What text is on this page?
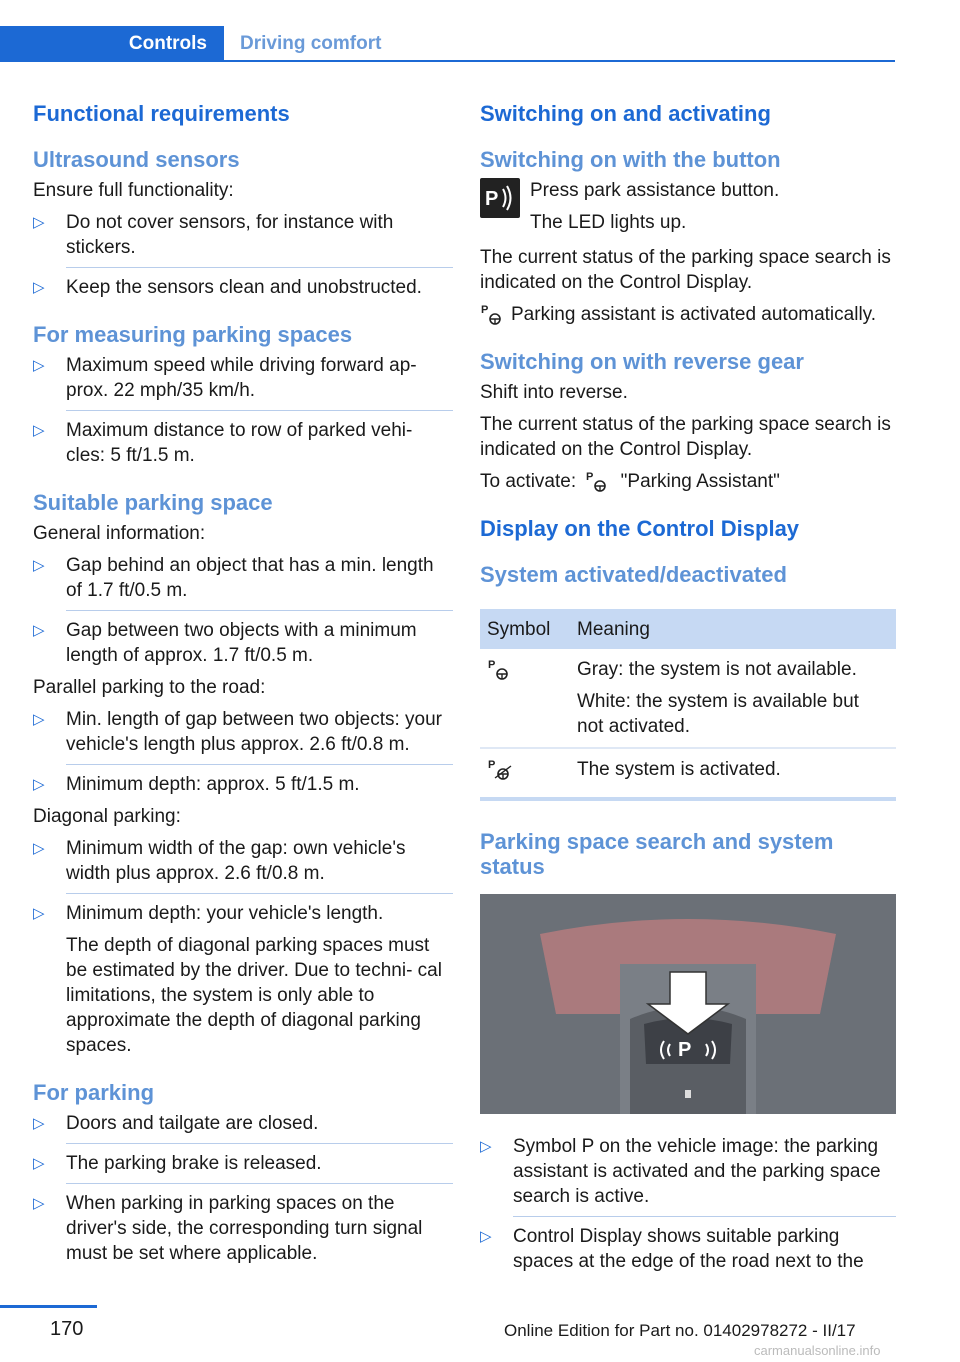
Controls	Driving comfort
Functional requirements
Ultrasound sensors
Ensure full functionality:
▷ Do not cover sensors, for instance with stickers.
▷ Keep the sensors clean and unobstructed.
For measuring parking spaces
▷ Maximum speed while driving forward ap‐ prox. 22 mph/35 km/h.
▷ Maximum distance to row of parked vehi‐ cles: 5 ft/1.5 m.
Suitable parking space
General information:
▷ Gap behind an object that has a min. length of 1.7 ft/0.5 m.
▷ Gap between two objects with a minimum length of approx. 1.7 ft/0.5 m.
Parallel parking to the road:
▷ Min. length of gap between two objects: your vehicle's length plus approx. 2.6 ft/0.8 m.
▷ Minimum depth: approx. 5 ft/1.5 m.
Diagonal parking:
▷ Minimum width of the gap: own vehicle's width plus approx. 2.6 ft/0.8 m.
▷ Minimum depth: your vehicle's length.
The depth of diagonal parking spaces must be estimated by the driver. Due to techni‐ cal limitations, the system is only able to approximate the depth of diagonal parking spaces.
For parking
▷ Doors and tailgate are closed.
▷ The parking brake is released.
▷ When parking in parking spaces on the driver's side, the corresponding turn signal must be set where applicable.
Switching on and activating
Switching on with the button
P Press park assistance button.
The LED lights up.
The current status of the parking space search is indicated on the Control Display.
P Parking assistant is activated automatically.
Switching on with reverse gear
Shift into reverse.
The current status of the parking space search is indicated on the Control Display.
To activate: P "Parking Assistant"
Display on the Control Display
System activated/deactivated
Symbol	Meaning

P	Gray: the system is not available.
White: the system is available but not activated.

P	The system is activated.
Parking space search and system status
P
▷ Symbol P on the vehicle image: the parking assistant is activated and the parking space search is active.
▷ Control Display shows suitable parking spaces at the edge of the road next to the
170	Online Edition for Part no. 01402978272 - II/17
carmanualsonline.info
